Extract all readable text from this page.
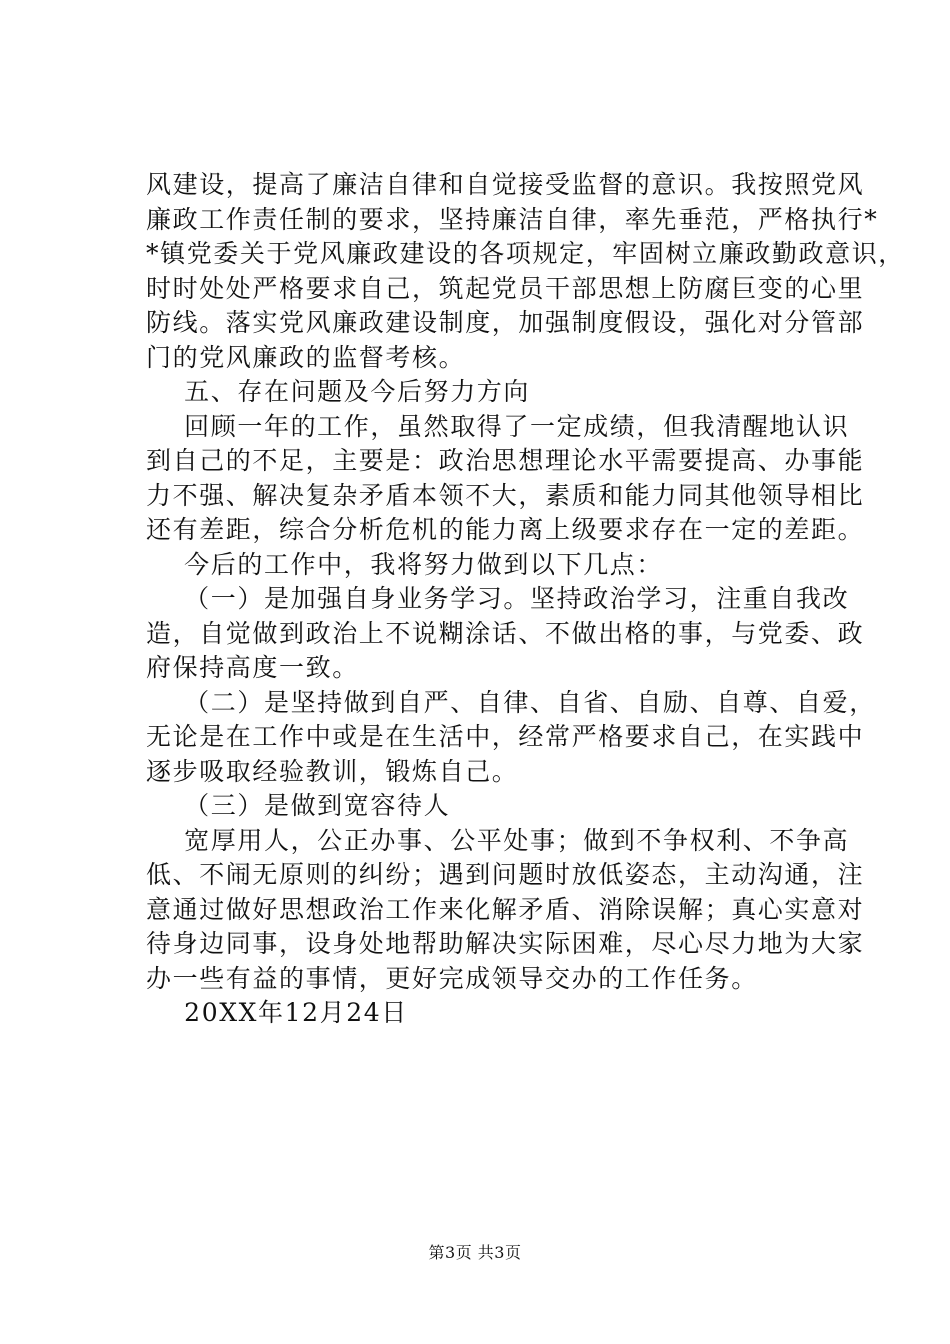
风建设，提高了廉洁自律和自觉接受监督的意识。我按照党风
廉政工作责任制的要求，坚持廉洁自律，率先垂范，严格执行*
*镇党委关于党风廉政建设的各项规定，牢固树立廉政勤政意识，
时时处处严格要求自己，筑起党员干部思想上防腐巨变的心里
防线。落实党风廉政建设制度，加强制度假设，强化对分管部
门的党风廉政的监督考核。
五、存在问题及今后努力方向
回顾一年的工作，虽然取得了一定成绩，但我清醒地认识
到自己的不足，主要是：政治思想理论水平需要提高、办事能
力不强、解决复杂矛盾本领不大，素质和能力同其他领导相比
还有差距，综合分析危机的能力离上级要求存在一定的差距。
今后的工作中，我将努力做到以下几点：
（一）是加强自身业务学习。坚持政治学习，注重自我改
造，自觉做到政治上不说糊涂话、不做出格的事，与党委、政
府保持高度一致。
（二）是坚持做到自严、自律、自省、自励、自尊、自爱，
无论是在工作中或是在生活中，经常严格要求自己，在实践中
逐步吸取经验教训，锻炼自己。
（三）是做到宽容待人
宽厚用人，公正办事、公平处事；做到不争权利、不争高
低、不闹无原则的纠纷；遇到问题时放低姿态，主动沟通，注
意通过做好思想政治工作来化解矛盾、消除误解；真心实意对
待身边同事，设身处地帮助解决实际困难，尽心尽力地为大家
办一些有益的事情，更好完成领导交办的工作任务。
20XX年12月24日
第3页 共3页
